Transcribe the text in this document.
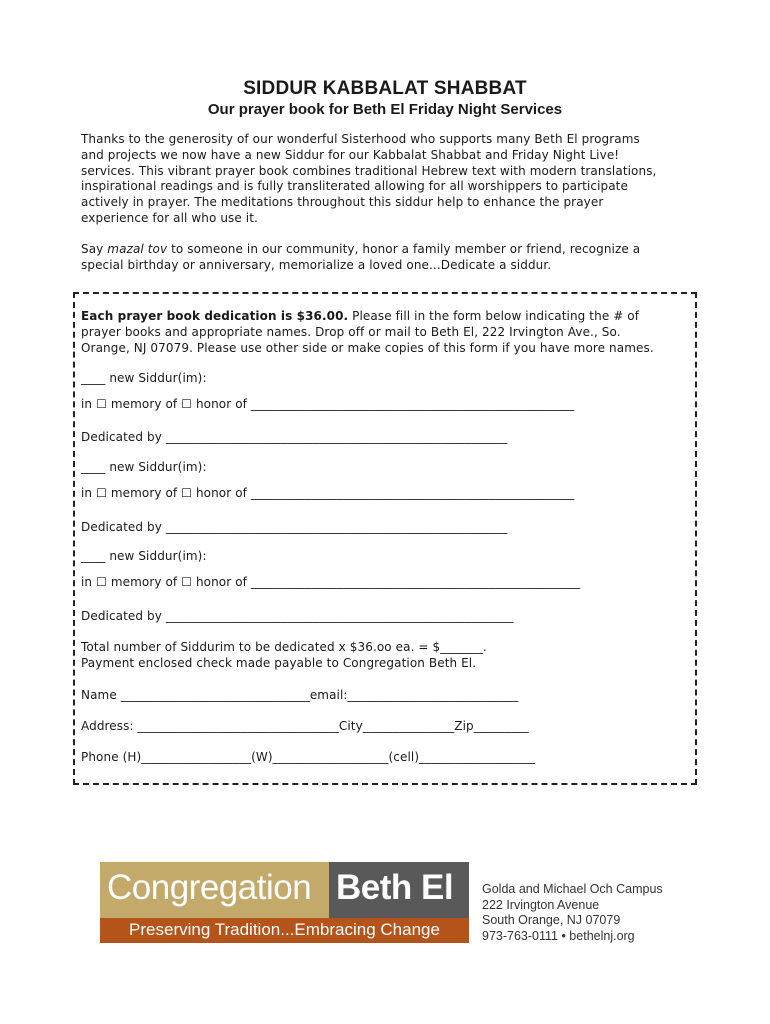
SIDDUR KABBALAT SHABBAT
Our prayer book for Beth El Friday Night Services
Thanks to the generosity of our wonderful Sisterhood who supports many Beth El programs
and projects we now have a new Siddur for our Kabbalat Shabbat and Friday Night Live!
services. This vibrant prayer book combines traditional Hebrew text with modern translations,
inspirational readings and is fully transliterated allowing for all worshippers to participate
actively in prayer. The meditations throughout this siddur help to enhance the prayer
experience for all who use it.
Say mazal tov to someone in our community, honor a family member or friend, recognize a
special birthday or anniversary, memorialize a loved one...Dedicate a siddur.
Each prayer book dedication is $36.00. Please fill in the form below indicating the # of
prayer books and appropriate names. Drop off or mail to Beth El, 222 Irvington Ave., So.
Orange, NJ 07079. Please use other side or make copies of this form if you have more names.
____ new Siddur(im):
in ☐ memory of ☐ honor of _____________________________________________________
Dedicated by ________________________________________________________
____ new Siddur(im):
in ☐ memory of ☐ honor of _____________________________________________________
Dedicated by ________________________________________________________
____ new Siddur(im):
in ☐ memory of ☐ honor of ______________________________________________________
Dedicated by _________________________________________________________
Total number of Siddurim to be dedicated x $36.oo ea. = $_______.
Payment enclosed check made payable to Congregation Beth El.
Name _______________________________email:____________________________
Address: _________________________________City_______________Zip_________
Phone (H)__________________(W)___________________(cell)___________________
Congregation Beth El
Preserving Tradition...Embracing Change
Golda and Michael Och Campus
222 Irvington Avenue
South Orange, NJ 07079
973-763-0111 • bethelnj.org
